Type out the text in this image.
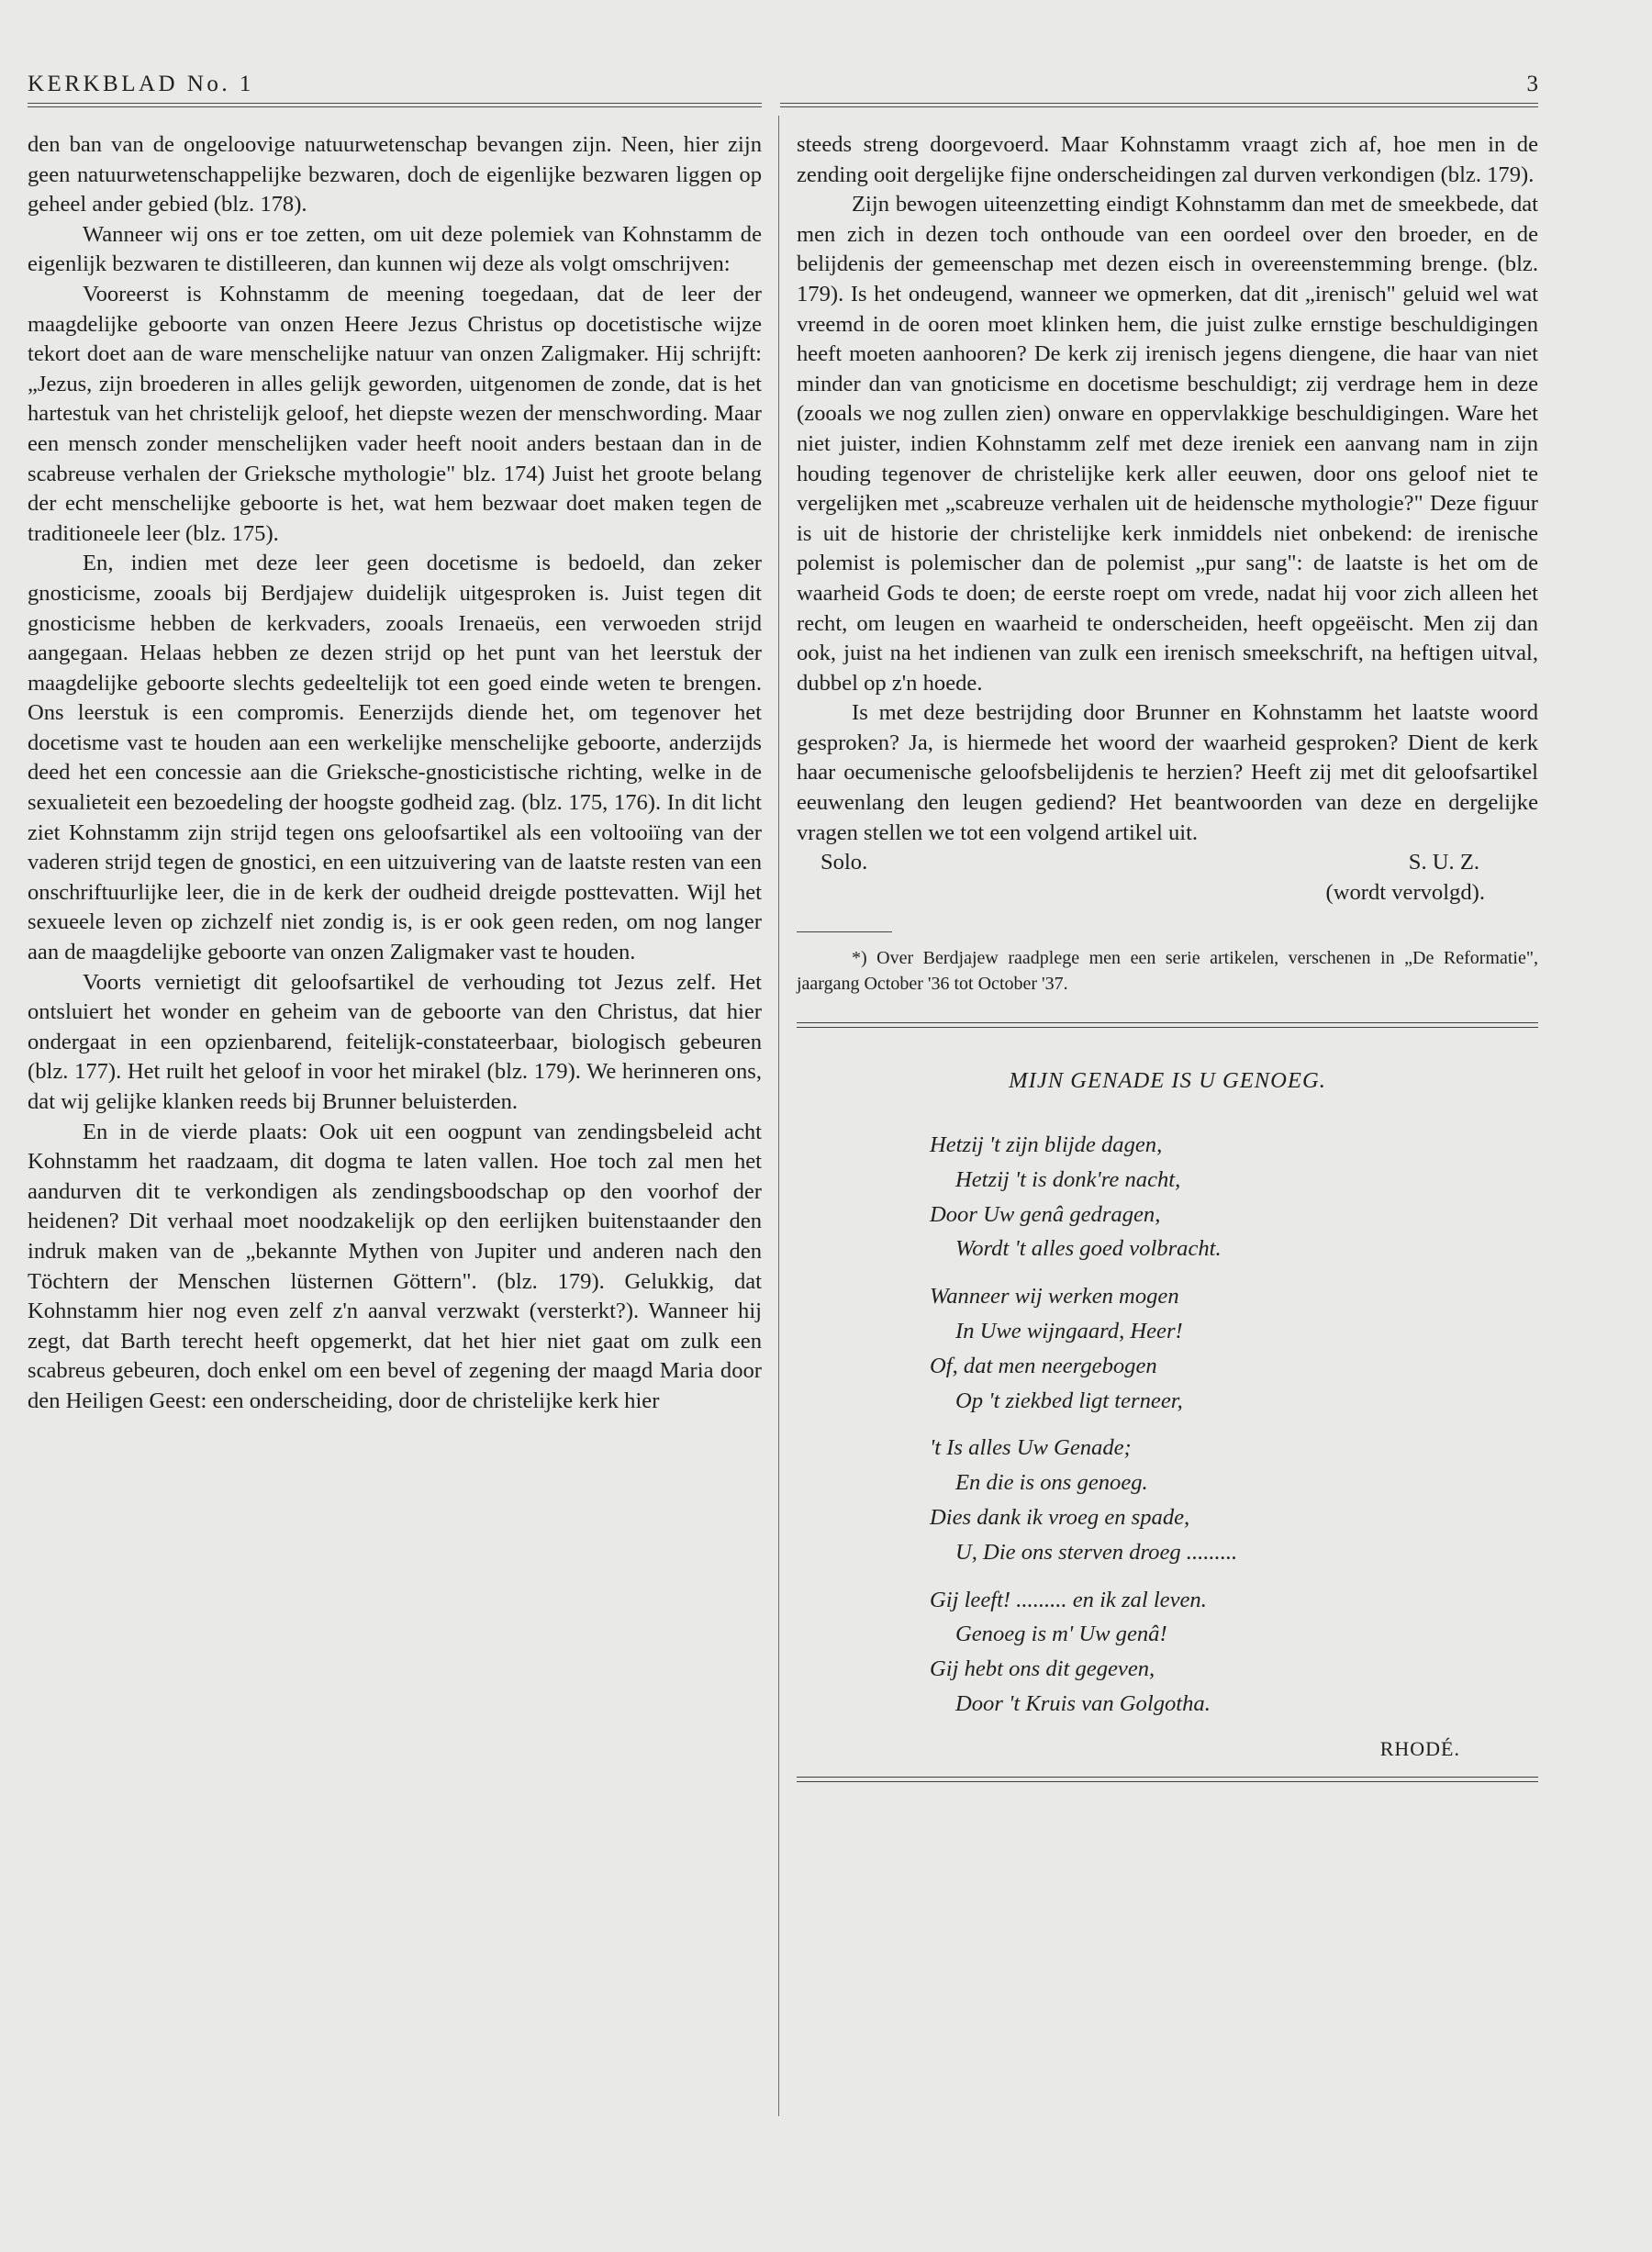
KERKBLAD No. 1	3

den ban van de ongeloovige natuurwetenschap bevangen zijn. Neen, hier zijn geen natuurwetenschappelijke bezwaren, doch de eigenlijke bezwaren liggen op geheel ander gebied (blz. 178).

Wanneer wij ons er toe zetten, om uit deze polemiek van Kohnstamm de eigenlijk bezwaren te distilleeren, dan kunnen wij deze als volgt omschrijven:

Vooreerst is Kohnstamm de meening toegedaan, dat de leer der maagdelijke geboorte van onzen Heere Jezus Christus op docetistische wijze tekort doet aan de ware menschelijke natuur van onzen Zaligmaker. Hij schrijft: „Jezus, zijn broederen in alles gelijk geworden, uitgenomen de zonde, dat is het hartestuk van het christelijk geloof, het diepste wezen der menschwording. Maar een mensch zonder menschelijken vader heeft nooit anders bestaan dan in de scabreuse verhalen der Grieksche mythologie" blz. 174) Juist het groote belang der echt menschelijke geboorte is het, wat hem bezwaar doet maken tegen de traditioneele leer (blz. 175).

En, indien met deze leer geen docetisme is bedoeld, dan zeker gnosticisme, zooals bij Berdjajew duidelijk uitgesproken is. Juist tegen dit gnosticisme hebben de kerkvaders, zooals Irenaeüs, een verwoeden strijd aangegaan. Helaas hebben ze dezen strijd op het punt van het leerstuk der maagdelijke geboorte slechts gedeeltelijk tot een goed einde weten te brengen. Ons leerstuk is een compromis. Eenerzijds diende het, om tegenover het docetisme vast te houden aan een werkelijke menschelijke geboorte, anderzijds deed het een concessie aan die Grieksche-gnosticistische richting, welke in de sexualieteit een bezoedeling der hoogste godheid zag. (blz. 175, 176). In dit licht ziet Kohnstamm zijn strijd tegen ons geloofsartikel als een voltooiïng van der vaderen strijd tegen de gnostici, en een uitzuivering van de laatste resten van een onschriftuurlijke leer, die in de kerk der oudheid dreigde posttevatten. Wijl het sexueele leven op zichzelf niet zondig is, is er ook geen reden, om nog langer aan de maagdelijke geboorte van onzen Zaligmaker vast te houden.

Voorts vernietigt dit geloofsartikel de verhouding tot Jezus zelf. Het ontsluiert het wonder en geheim van de geboorte van den Christus, dat hier ondergaat in een opzienbarend, feitelijk-constateerbaar, biologisch gebeuren (blz. 177). Het ruilt het geloof in voor het mirakel (blz. 179). We herinneren ons, dat wij gelijke klanken reeds bij Brunner beluisterden.

En in de vierde plaats: Ook uit een oogpunt van zendingsbeleid acht Kohnstamm het raadzaam, dit dogma te laten vallen. Hoe toch zal men het aandurven dit te verkondigen als zendingsboodschap op den voorhof der heidenen? Dit verhaal moet noodzakelijk op den eerlijken buitenstaander den indruk maken van de „bekannte Mythen von Jupiter und anderen nach den Töchtern der Menschen lüsternen Göttern". (blz. 179). Gelukkig, dat Kohnstamm hier nog even zelf z'n aanval verzwakt (versterkt?). Wanneer hij zegt, dat Barth terecht heeft opgemerkt, dat het hier niet gaat om zulk een scabreus gebeuren, doch enkel om een bevel of zegening der maagd Maria door den Heiligen Geest: een onderscheiding, door de christelijke kerk hier

steeds streng doorgevoerd. Maar Kohnstamm vraagt zich af, hoe men in de zending ooit dergelijke fijne onderscheidingen zal durven verkondigen (blz. 179).

Zijn bewogen uiteenzetting eindigt Kohnstamm dan met de smeekbede, dat men zich in dezen toch onthoude van een oordeel over den broeder, en de belijdenis der gemeenschap met dezen eisch in overeenstemming brenge. (blz. 179). Is het ondeugend, wanneer we opmerken, dat dit „irenisch" geluid wel wat vreemd in de ooren moet klinken hem, die juist zulke ernstige beschuldigingen heeft moeten aanhooren? De kerk zij irenisch jegens diengene, die haar van niet minder dan van gnoticisme en docetisme beschuldigt; zij verdrage hem in deze (zooals we nog zullen zien) onware en oppervlakkige beschuldigingen. Ware het niet juister, indien Kohnstamm zelf met deze ireniek een aanvang nam in zijn houding tegenover de christelijke kerk aller eeuwen, door ons geloof niet te vergelijken met „scabreuze verhalen uit de heidensche mythologie?" Deze figuur is uit de historie der christelijke kerk inmiddels niet onbekend: de irenische polemist is polemischer dan de polemist „pur sang": de laatste is het om de waarheid Gods te doen; de eerste roept om vrede, nadat hij voor zich alleen het recht, om leugen en waarheid te onderscheiden, heeft opgeëischt. Men zij dan ook, juist na het indienen van zulk een irenisch smeekschrift, na heftigen uitval, dubbel op z'n hoede.

Is met deze bestrijding door Brunner en Kohnstamm het laatste woord gesproken? Ja, is hiermede het woord der waarheid gesproken? Dient de kerk haar oecumenische geloofsbelijdenis te herzien? Heeft zij met dit geloofsartikel eeuwenlang den leugen gediend? Het beantwoorden van deze en dergelijke vragen stellen we tot een volgend artikel uit.

Solo.	S. U. Z.
(wordt vervolgd).

*) Over Berdjajew raadplege men een serie artikelen, verschenen in „De Reformatie", jaargang October '36 tot October '37.

MIJN GENADE IS U GENOEG.
Hetzij 't zijn blijde dagen,
Hetzij 't is donk're nacht,
Door Uw genâ gedragen,
Wordt 't alles goed volbracht.
Wanneer wij werken mogen
In Uwe wijngaard, Heer!
Of, dat men neergebogen
Op 't ziekbed ligt terneer,
't Is alles Uw Genade;
En die is ons genoeg.
Dies dank ik vroeg en spade,
U, Die ons sterven droeg .........
Gij leeft! ......... en ik zal leven.
Genoeg is m' Uw genâ!
Gij hebt ons dit gegeven,
Door 't Kruis van Golgotha.
RHODÉ.
